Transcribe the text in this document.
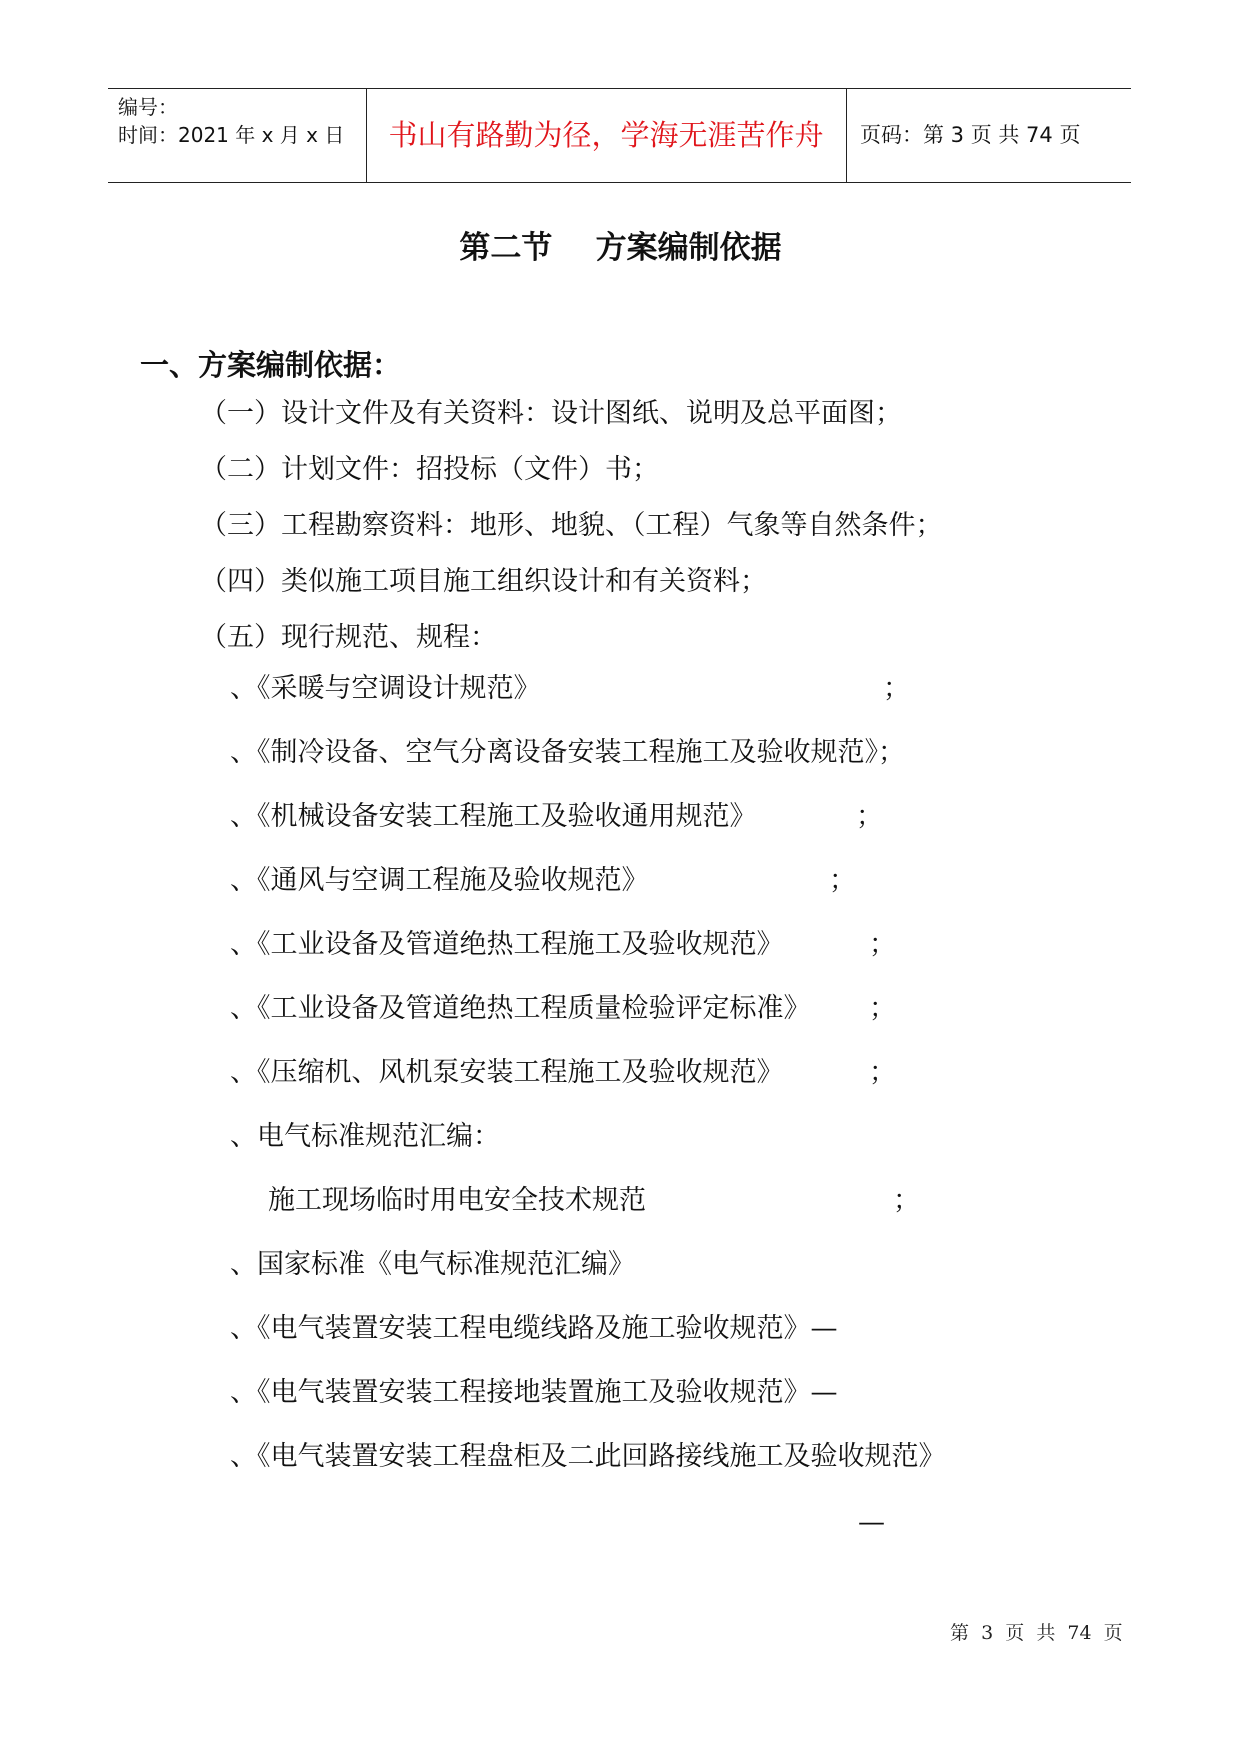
编号：
时间：2021 年 x 月 x 日	书山有路勤为径，学海无涯苦作舟	页码：第 3 页 共 74 页
第二节    方案编制依据
一、方案编制依据：
（一）设计文件及有关资料：设计图纸、说明及总平面图；
（二）计划文件：招投标（文件）书；
（三）工程勘察资料：地形、地貌、（工程）气象等自然条件；
（四）类似施工项目施工组织设计和有关资料；
（五）现行规范、规程：
、《采暖与空调设计规范》	；
、《制冷设备、空气分离设备安装工程施工及验收规范》；
、《机械设备安装工程施工及验收通用规范》	；
、《通风与空调工程施及验收规范》	；
、《工业设备及管道绝热工程施工及验收规范》	；
、《工业设备及管道绝热工程质量检验评定标准》 ；
、《压缩机、风机泵安装工程施工及验收规范》	；
、电气标准规范汇编：
施工现场临时用电安全技术规范	；
、国家标准《电气标准规范汇编》
、《电气装置安装工程电缆线路及施工验收规范》—
、《电气装置安装工程接地装置施工及验收规范》—
、《电气装置安装工程盘柜及二此回路接线施工及验收规范》
—
第  3  页  共  74  页
